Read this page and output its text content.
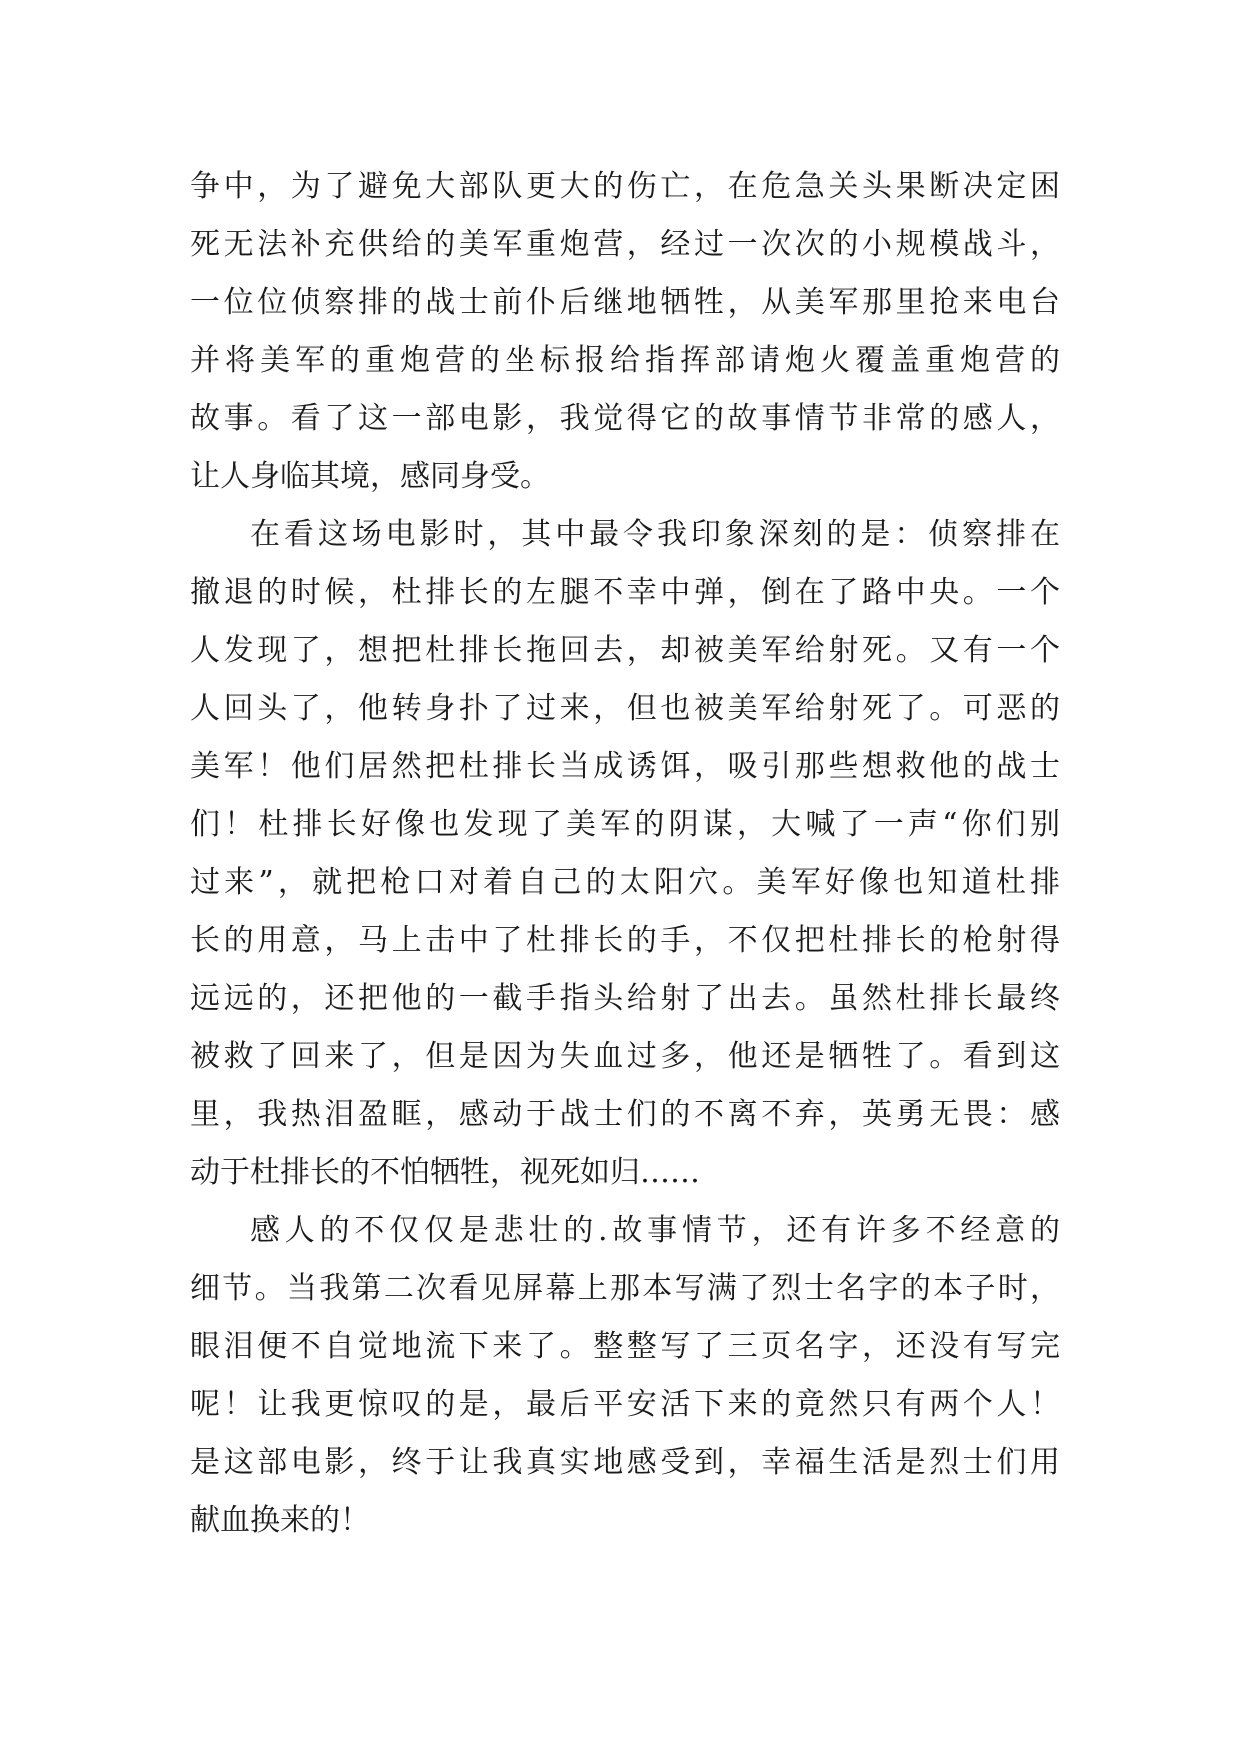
争中，为了避免大部队更大的伤亡，在危急关头果断决定困
死无法补充供给的美军重炮营，经过一次次的小规模战斗，
一位位侦察排的战士前仆后继地牺牲，从美军那里抢来电台
并将美军的重炮营的坐标报给指挥部请炮火覆盖重炮营的
故事。看了这一部电影，我觉得它的故事情节非常的感人，
让人身临其境，感同身受。
在看这场电影时，其中最令我印象深刻的是：侦察排在
撤退的时候，杜排长的左腿不幸中弹，倒在了路中央。一个
人发现了，想把杜排长拖回去，却被美军给射死。又有一个
人回头了，他转身扑了过来，但也被美军给射死了。可恶的
美军！他们居然把杜排长当成诱饵，吸引那些想救他的战士
们！杜排长好像也发现了美军的阴谋，大喊了一声“你们别
过来”，就把枪口对着自己的太阳穴。美军好像也知道杜排
长的用意，马上击中了杜排长的手，不仅把杜排长的枪射得
远远的，还把他的一截手指头给射了出去。虽然杜排长最终
被救了回来了，但是因为失血过多，他还是牺牲了。看到这
里，我热泪盈眶，感动于战士们的不离不弃，英勇无畏：感
动于杜排长的不怕牺牲，视死如归……
感人的不仅仅是悲壮的.故事情节，还有许多不经意的
细节。当我第二次看见屏幕上那本写满了烈士名字的本子时，
眼泪便不自觉地流下来了。整整写了三页名字，还没有写完
呢！让我更惊叹的是，最后平安活下来的竟然只有两个人！
是这部电影，终于让我真实地感受到，幸福生活是烈士们用
献血换来的！
